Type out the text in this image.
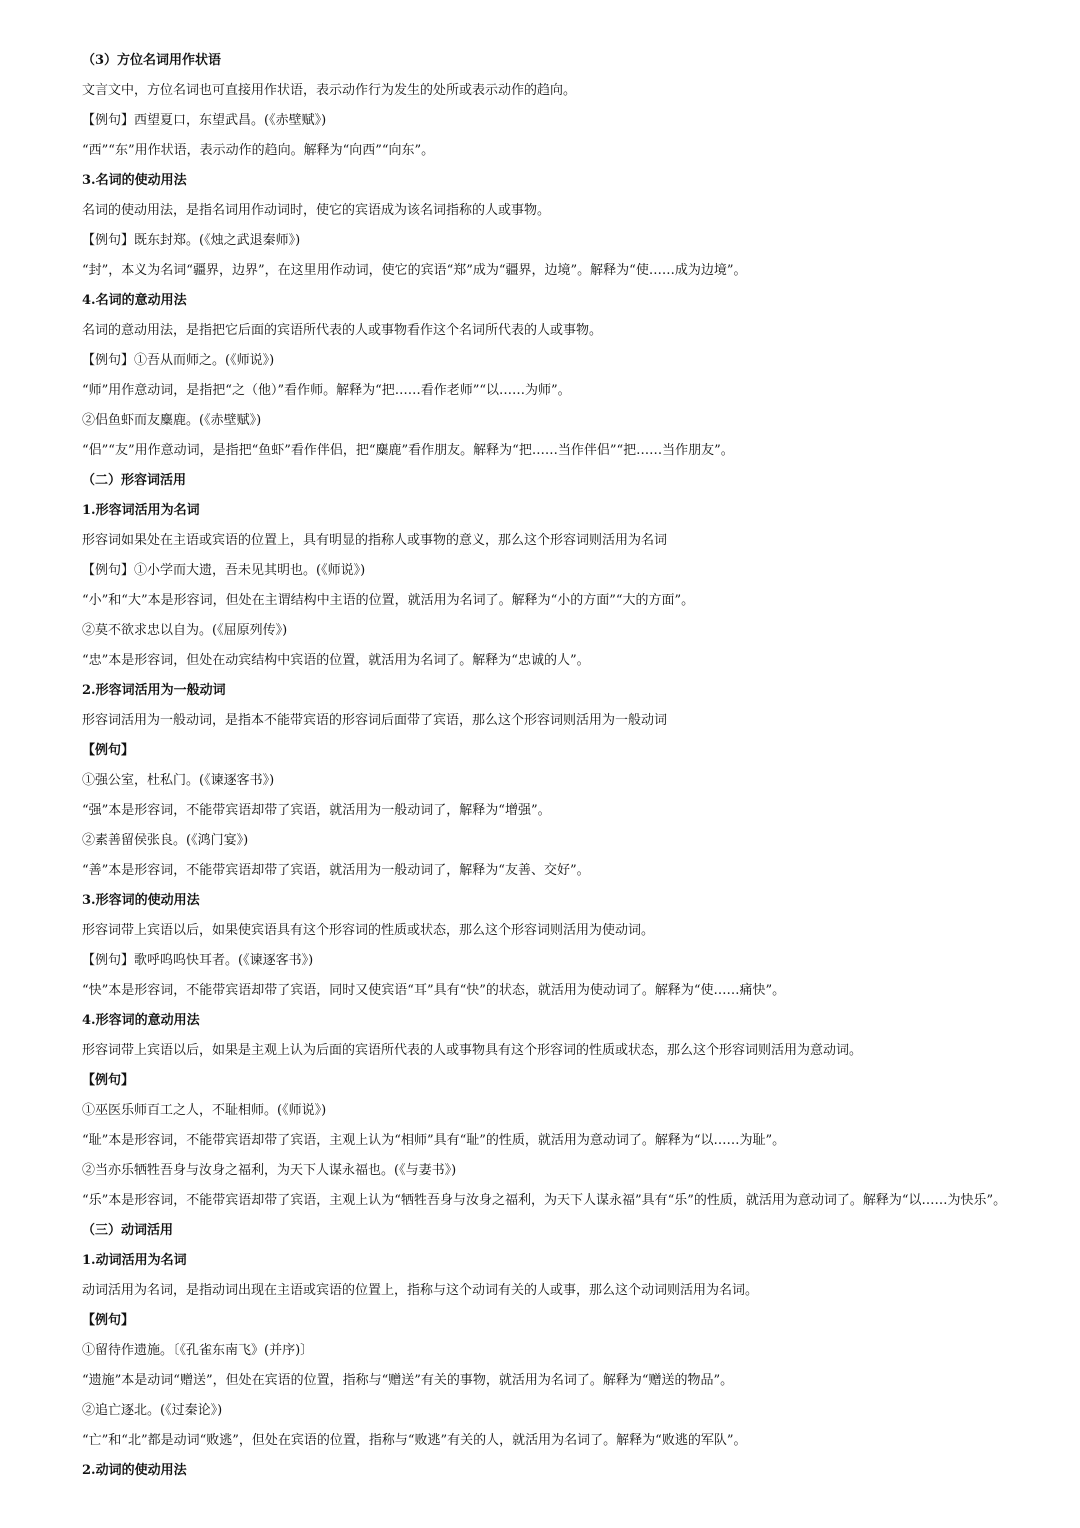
（3）方位名词用作状语
文言文中，方位名词也可直接用作状语，表示动作行为发生的处所或表示动作的趋向。
【例句】西望夏口，东望武昌。(《赤壁赋》)
“西”“东”用作状语，表示动作的趋向。解释为“向西”“向东”。
3.名词的使动用法
名词的使动用法，是指名词用作动词时，使它的宾语成为该名词指称的人或事物。
【例句】既东封郑。(《烛之武退秦师》)
“封”，本义为名词“疆界，边界”，在这里用作动词，使它的宾语“郑”成为“疆界，边境”。解释为“使……成为边境”。
4.名词的意动用法
名词的意动用法，是指把它后面的宾语所代表的人或事物看作这个名词所代表的人或事物。
【例句】①吾从而师之。(《师说》)
“师”用作意动词，是指把“之（他）”看作师。解释为“把……看作老师”“以……为师”。
②侣鱼虾而友麋鹿。(《赤壁赋》)
“侣”“友”用作意动词，是指把“鱼虾”看作伴侣，把“麋鹿”看作朋友。解释为“把……当作伴侣”“把……当作朋友”。
（二）形容词活用
1.形容词活用为名词
形容词如果处在主语或宾语的位置上，具有明显的指称人或事物的意义，那么这个形容词则活用为名词
【例句】①小学而大遗，吾未见其明也。(《师说》)
“小”和“大”本是形容词，但处在主谓结构中主语的位置，就活用为名词了。解释为“小的方面”“大的方面”。
②莫不欲求忠以自为。(《屈原列传》)
“忠”本是形容词，但处在动宾结构中宾语的位置，就活用为名词了。解释为“忠诚的人”。
2.形容词活用为一般动词
形容词活用为一般动词，是指本不能带宾语的形容词后面带了宾语，那么这个形容词则活用为一般动词
【例句】
①强公室，杜私门。(《谏逐客书》)
“强”本是形容词，不能带宾语却带了宾语，就活用为一般动词了，解释为“增强”。
②素善留侯张良。(《鸿门宴》)
“善”本是形容词，不能带宾语却带了宾语，就活用为一般动词了，解释为“友善、交好”。
3.形容词的使动用法
形容词带上宾语以后，如果使宾语具有这个形容词的性质或状态，那么这个形容词则活用为使动词。
【例句】歌呼呜呜快耳者。(《谏逐客书》)
“快”本是形容词，不能带宾语却带了宾语，同时又使宾语“耳”具有“快”的状态，就活用为使动词了。解释为“使……痛快”。
4.形容词的意动用法
形容词带上宾语以后，如果是主观上认为后面的宾语所代表的人或事物具有这个形容词的性质或状态，那么这个形容词则活用为意动词。
【例句】
①巫医乐师百工之人，不耻相师。(《师说》)
“耻”本是形容词，不能带宾语却带了宾语，主观上认为“相师”具有“耻”的性质，就活用为意动词了。解释为“以……为耻”。
②当亦乐牺牲吾身与汝身之福利，为天下人谋永福也。(《与妻书》)
“乐”本是形容词，不能带宾语却带了宾语，主观上认为“牺牲吾身与汝身之福利，为天下人谋永福”具有“乐”的性质，就活用为意动词了。解释为“以……为快乐”。
（三）动词活用
1.动词活用为名词
动词活用为名词，是指动词出现在主语或宾语的位置上，指称与这个动词有关的人或事，那么这个动词则活用为名词。
【例句】
①留待作遗施。〔《孔雀东南飞》(并序)〕
“遗施”本是动词“赠送”，但处在宾语的位置，指称与“赠送”有关的事物，就活用为名词了。解释为“赠送的物品”。
②追亡逐北。(《过秦论》)
“亡”和“北”都是动词“败逃”，但处在宾语的位置，指称与“败逃”有关的人，就活用为名词了。解释为“败逃的军队”。
2.动词的使动用法
